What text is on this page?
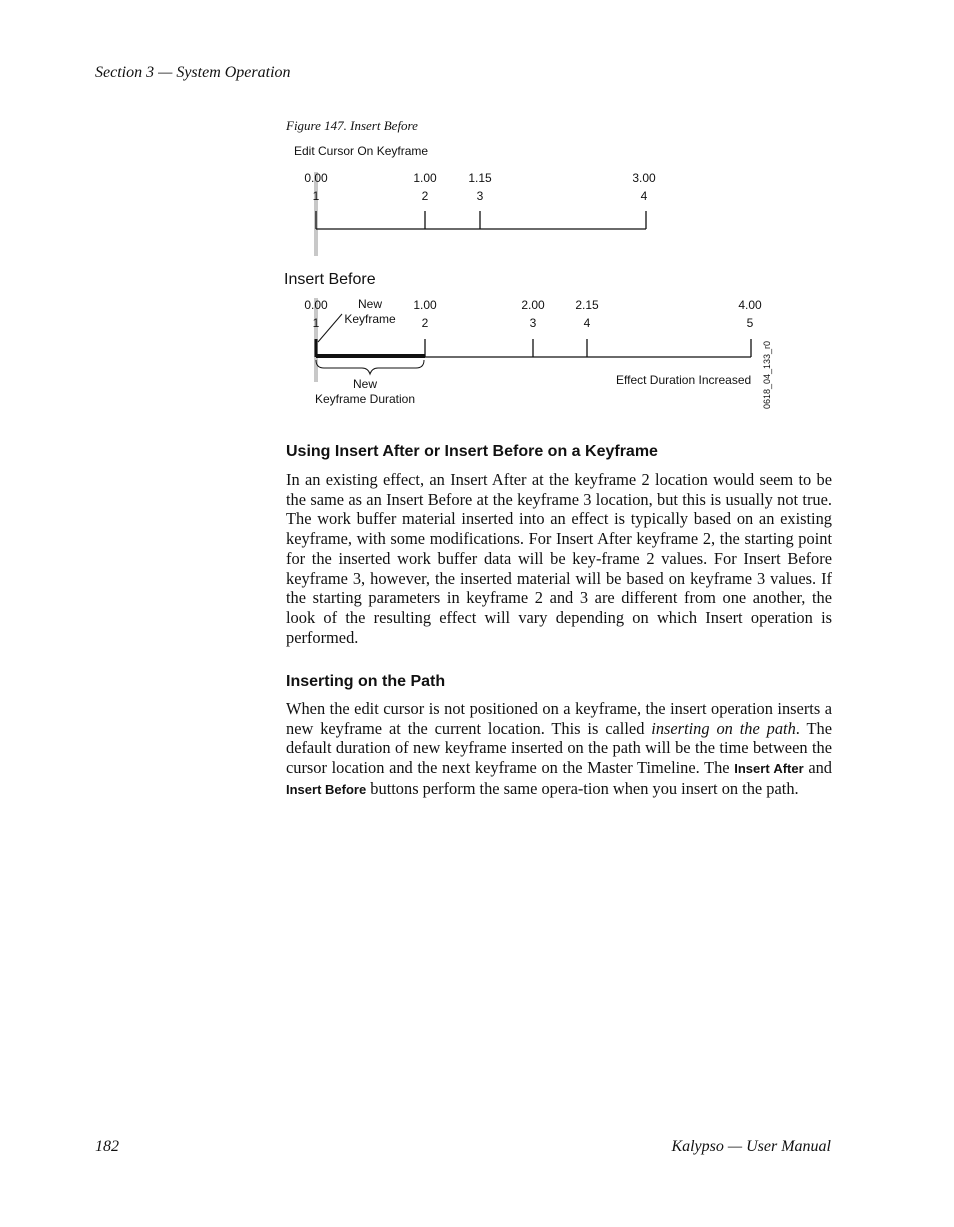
Section 3 — System Operation
Figure 147. Insert Before
Edit Cursor On Keyframe
0.00
1
1.00
2
1.15
3
3.00
4
Insert Before
0.00
1
1.00
2
2.00
3
2.15
4
4.00
5
New
Keyframe
New
Keyframe Duration
Effect Duration Increased 0618_04_133_r0
Using Insert After or Insert Before on a Keyframe

In an existing effect, an Insert After at the keyframe 2 location would seem to be the same as an Insert Before at the keyframe 3 location, but this is usually not true. The work buffer material inserted into an effect is typically based on an existing keyframe, with some modifications. For Insert After keyframe 2, the starting point for the inserted work buffer data will be key-frame 2 values. For Insert Before keyframe 3, however, the inserted material will be based on keyframe 3 values. If the starting parameters in keyframe 2 and 3 are different from one another, the look of the resulting effect will vary depending on which Insert operation is performed.

Inserting on the Path

When the edit cursor is not positioned on a keyframe, the insert operation inserts a new keyframe at the current location. This is called inserting on the path. The default duration of new keyframe inserted on the path will be the time between the cursor location and the next keyframe on the Master Timeline. The Insert After and Insert Before buttons perform the same opera-tion when you insert on the path.

182	Kalypso — User Manual
